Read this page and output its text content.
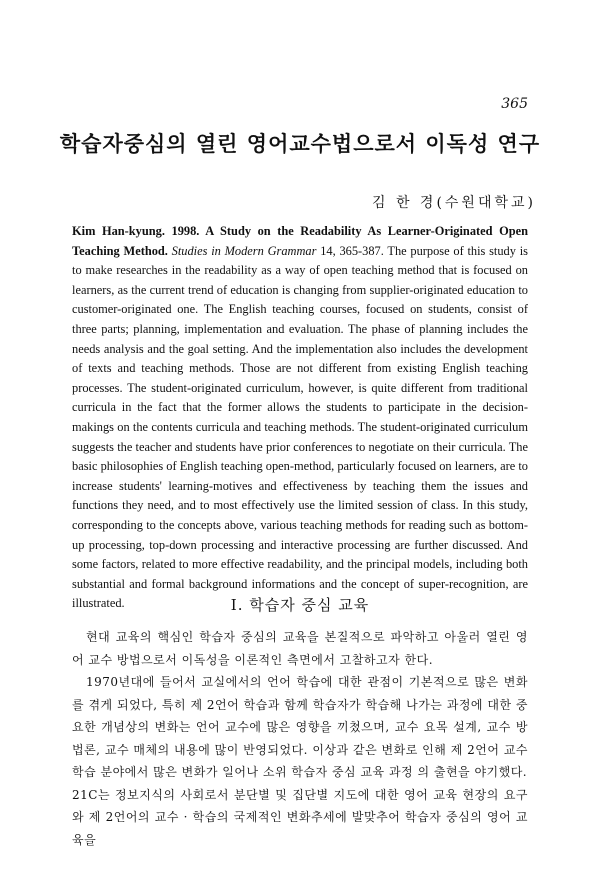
365
학습자중심의 열린 영어교수법으로서 이독성 연구
김 한 경(수원대학교)
Kim Han-kyung. 1998. A Study on the Readability As Learner-Originated Open Teaching Method. Studies in Modern Grammar 14, 365-387. The purpose of this study is to make researches in the readability as a way of open teaching method that is focused on learners, as the current trend of education is changing from supplier-originated education to customer-originated one. The English teaching courses, focused on students, consist of three parts; planning, implementation and evaluation. The phase of planning includes the needs analysis and the goal setting. And the implementation also includes the development of texts and teaching methods. Those are not different from existing English teaching processes. The student-originated curriculum, however, is quite different from traditional curricula in the fact that the former allows the students to participate in the decision-makings on the contents curricula and teaching methods. The student-originated curriculum suggests the teacher and students have prior conferences to negotiate on their curricula. The basic philosophies of English teaching open-method, particularly focused on learners, are to increase students' learning-motives and effectiveness by teaching them the issues and functions they need, and to most effectively use the limited session of class. In this study, corresponding to the concepts above, various teaching methods for reading such as bottom-up processing, top-down processing and interactive processing are further discussed. And some factors, related to more effective readability, and the principal models, including both substantial and formal background informations and the concept of super-recognition, are illustrated.	I. 학습자 중심 교육

현대 교육의 핵심인 학습자 중심의 교육을 본질적으로 파악하고 아울러 열린 영어 교수 방법으로서 이독성을 이론적인 측면에서 고찰하고자 한다.

1970년대에 들어서 교실에서의 언어 학습에 대한 관점이 기본적으로 많은 변화를 겪게 되었다, 특히 제 2언어 학습과 함께 학습자가 학습해 나가는 과정에 대한 중요한 개념상의 변화는 언어 교수에 많은 영향을 끼쳤으며, 교수 요목 설계, 교수 방법론, 교수 매체의 내용에 많이 반영되었다. 이상과 같은 변화로 인해 제 2언어 교수 학습 분야에서 많은 변화가 일어나 소위 학습자 중심 교육 과정 의 출현을 야기했다.

21C는 정보지식의 사회로서 분단별 및 집단별 지도에 대한 영어 교육 현장의 요구와 제 2언어의 교수 · 학습의 국제적인 변화추세에 발맞추어 학습자 중심의 영어 교육을
